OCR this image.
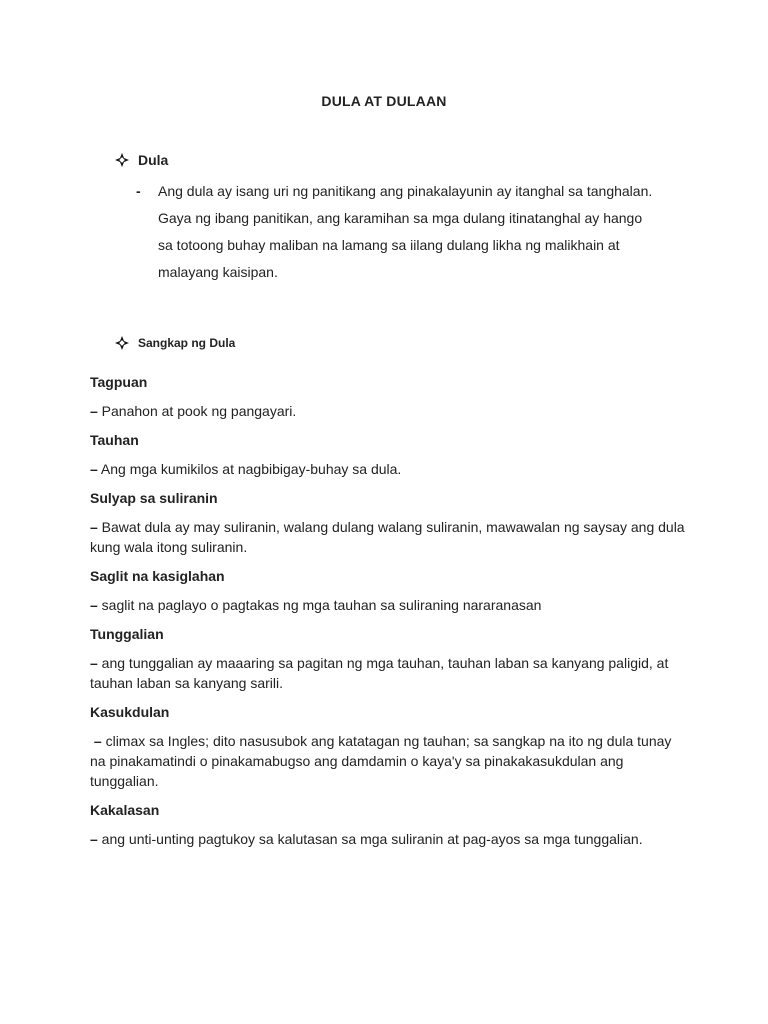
DULA AT DULAAN
Dula
-	Ang dula ay isang uri ng panitikang ang pinakalayunin ay itanghal sa tanghalan. Gaya ng ibang panitikan, ang karamihan sa mga dulang itinatanghal ay hango sa totoong buhay maliban na lamang sa iilang dulang likha ng malikhain at malayang kaisipan.
Sangkap ng Dula
Tagpuan
– Panahon at pook ng pangayari.
Tauhan
– Ang mga kumikilos at nagbibigay-buhay sa dula.
Sulyap sa suliranin
– Bawat dula ay may suliranin, walang dulang walang suliranin, mawawalan ng saysay ang dula kung wala itong suliranin.
Saglit na kasiglahan
– saglit na paglayo o pagtakas ng mga tauhan sa suliraning nararanasan
Tunggalian
– ang tunggalian ay maaaring sa pagitan ng mga tauhan, tauhan laban sa kanyang paligid, at tauhan laban sa kanyang sarili.
Kasukdulan
– climax sa Ingles; dito nasusubok ang katatagan ng tauhan; sa sangkap na ito ng dula tunay na pinakamatindi o pinakamabugso ang damdamin o kaya'y sa pinakakasukdulan ang tunggalian.
Kakalasan
– ang unti-unting pagtukoy sa kalutasan sa mga suliranin at pag-ayos sa mga tunggalian.
